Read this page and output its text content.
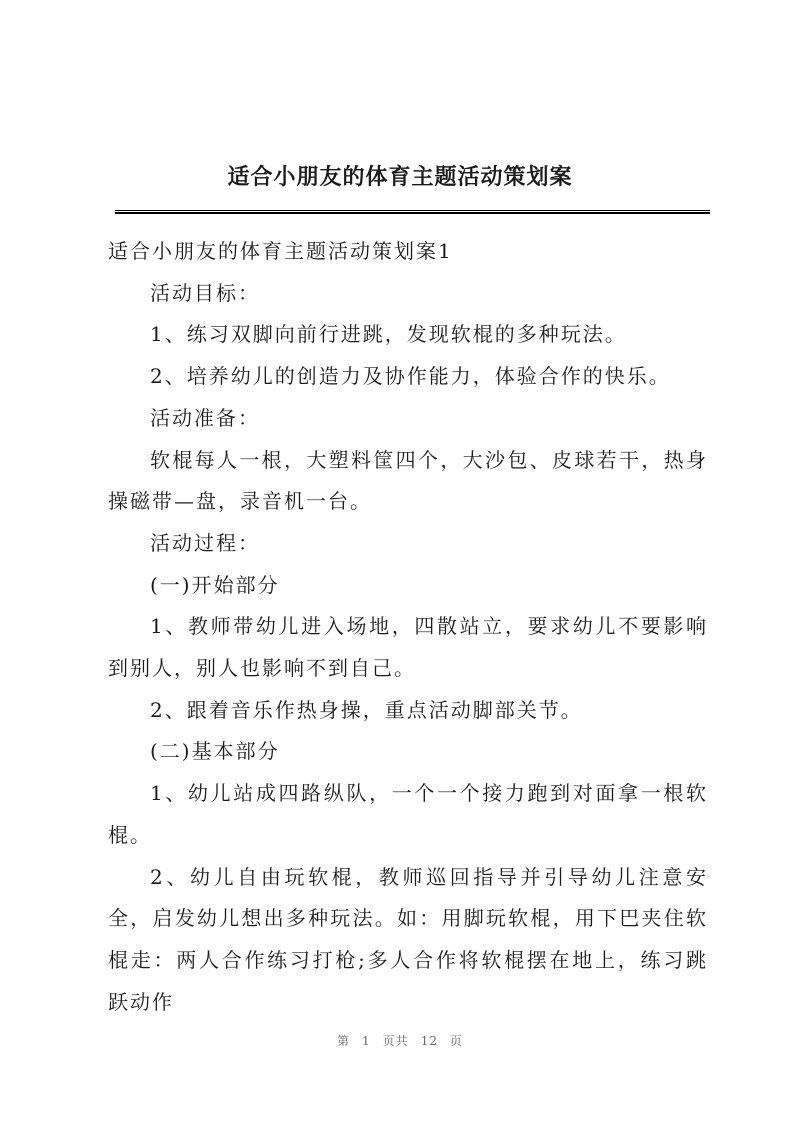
适合小朋友的体育主题活动策划案

适合小朋友的体育主题活动策划案1

活动目标：

1、练习双脚向前行进跳，发现软棍的多种玩法。

2、培养幼儿的创造力及协作能力，体验合作的快乐。

活动准备：

软棍每人一根，大塑料筐四个，大沙包、皮球若干，热身操磁带—盘，录音机一台。

活动过程：

(一)开始部分

1、教师带幼儿进入场地，四散站立，要求幼儿不要影响到别人，别人也影响不到自己。

2、跟着音乐作热身操，重点活动脚部关节。

(二)基本部分

1、幼儿站成四路纵队，一个一个接力跑到对面拿一根软棍。

2、幼儿自由玩软棍，教师巡回指导并引导幼儿注意安全，启发幼儿想出多种玩法。如：用脚玩软棍，用下巴夹住软棍走：两人合作练习打枪;多人合作将软棍摆在地上，练习跳跃动作

第 1 页共 12 页
